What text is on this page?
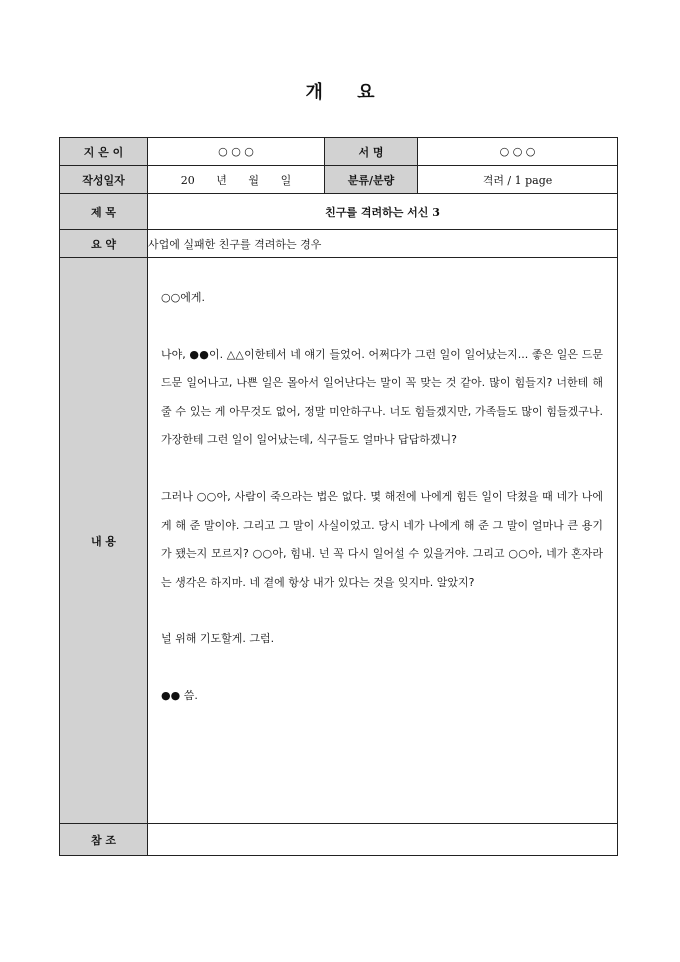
개 요
지 은 이	○ ○ ○	서 명	○ ○ ○
작성일자	20 년 월 일	분류/분량	격려 / 1 page
제 목	친구를 격려하는 서신 3		
요 약	사업에 실패한 친구를 격려하는 경우		
내 용	○○에게.

나야, ●●이. △△이한테서 네 얘기 들었어. 어쩌다가 그런 일이 일어났는지... 좋은 일은 드문드문 일어나고, 나쁜 일은 몰아서 일어난다는 말이 꼭 맞는 것 같아. 많이 힘들지? 너한테 해줄 수 있는 게 아무것도 없어, 정말 미안하구나. 너도 힘들겠지만, 가족들도 많이 힘들겠구나. 가장한테 그런 일이 일어났는데, 식구들도 얼마나 답답하겠니?

그러나 ○○아, 사람이 죽으라는 법은 없다. 몇 해전에 나에게 힘든 일이 닥쳤을 때 네가 나에게 해 준 말이야. 그리고 그 말이 사실이었고. 당시 네가 나에게 해 준 그 말이 얼마나 큰 용기가 됐는지 모르지? ○○아, 힘내. 넌 꼭 다시 일어설 수 있을거야. 그리고 ○○아, 네가 혼자라는 생각은 하지마. 네 곁에 항상 내가 있다는 것을 잊지마. 알았지?

널 위해 기도할게. 그럼.

●● 씀.		

참 조			
